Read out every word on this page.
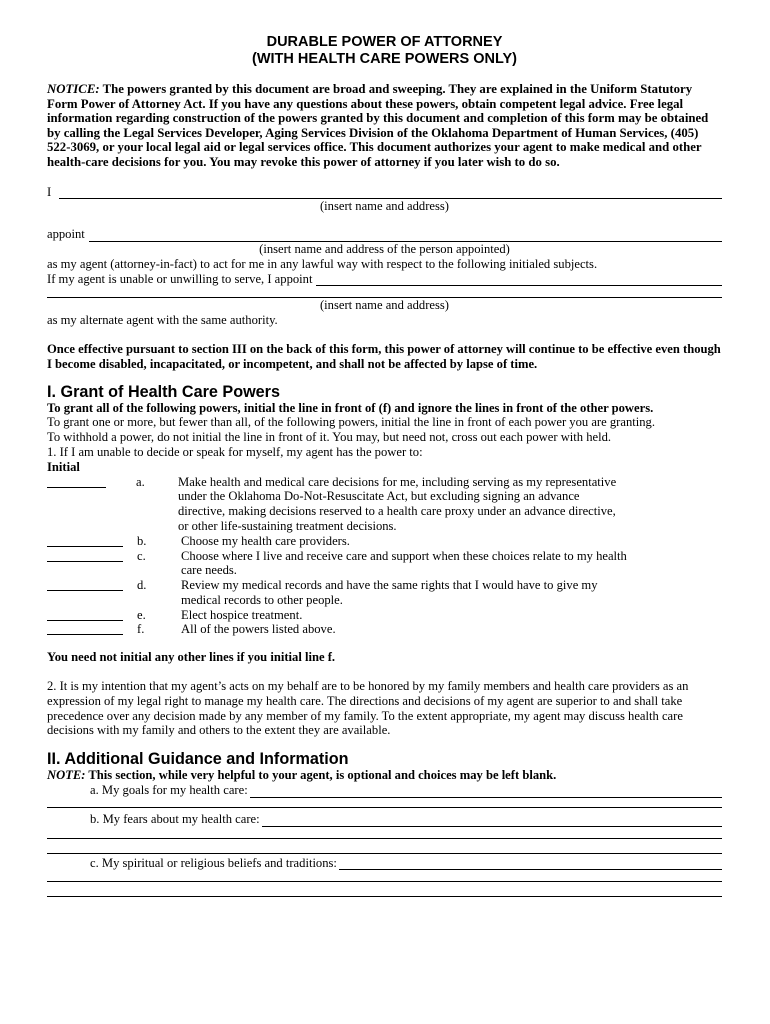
DURABLE POWER OF ATTORNEY
(WITH HEALTH CARE POWERS ONLY)
NOTICE: The powers granted by this document are broad and sweeping. They are explained in the Uniform Statutory Form Power of Attorney Act. If you have any questions about these powers, obtain competent legal advice. Free legal information regarding construction of the powers granted by this document and completion of this form may be obtained by calling the Legal Services Developer, Aging Services Division of the Oklahoma Department of Human Services, (405) 522-3069, or your local legal aid or legal services office. This document authorizes your agent to make medical and other health-care decisions for you. You may revoke this power of attorney if you later wish to do so.
I
(insert name and address)
appoint
(insert name and address of the person appointed)
as my agent (attorney-in-fact) to act for me in any lawful way with respect to the following initialed subjects.
If my agent is unable or unwilling to serve, I appoint
(insert name and address)
as my alternate agent with the same authority.
Once effective pursuant to section III on the back of this form, this power of attorney will continue to be effective even though I become disabled, incapacitated, or incompetent, and shall not be affected by lapse of time.
I. Grant of Health Care Powers
To grant all of the following powers, initial the line in front of (f) and ignore the lines in front of the other powers.
To grant one or more, but fewer than all, of the following powers, initial the line in front of each power you are granting.
To withhold a power, do not initial the line in front of it. You may, but need not, cross out each power with held.
1. If I am unable to decide or speak for myself, my agent has the power to:
Initial
a.	Make health and medical care decisions for me, including serving as my representative
under the Oklahoma Do-Not-Resuscitate Act, but excluding signing an advance
directive, making decisions reserved to a health care proxy under an advance directive,
or other life-sustaining treatment decisions.
b.	Choose my health care providers.
c.	Choose where I live and receive care and support when these choices relate to my health
care needs.
d.	Review my medical records and have the same rights that I would have to give my
medical records to other people.
e.	Elect hospice treatment.
f.	All of the powers listed above.
You need not initial any other lines if you initial line f.
2. It is my intention that my agent’s acts on my behalf are to be honored by my family members and health care providers as an expression of my legal right to manage my health care. The directions and decisions of my agent are superior to and shall take precedence over any decision made by any member of my family. To the extent appropriate, my agent may discuss health care decisions with my family and others to the extent they are available.
II. Additional Guidance and Information
NOTE: This section, while very helpful to your agent, is optional and choices may be left blank.
a. My goals for my health care:
b. My fears about my health care:
c. My spiritual or religious beliefs and traditions:
